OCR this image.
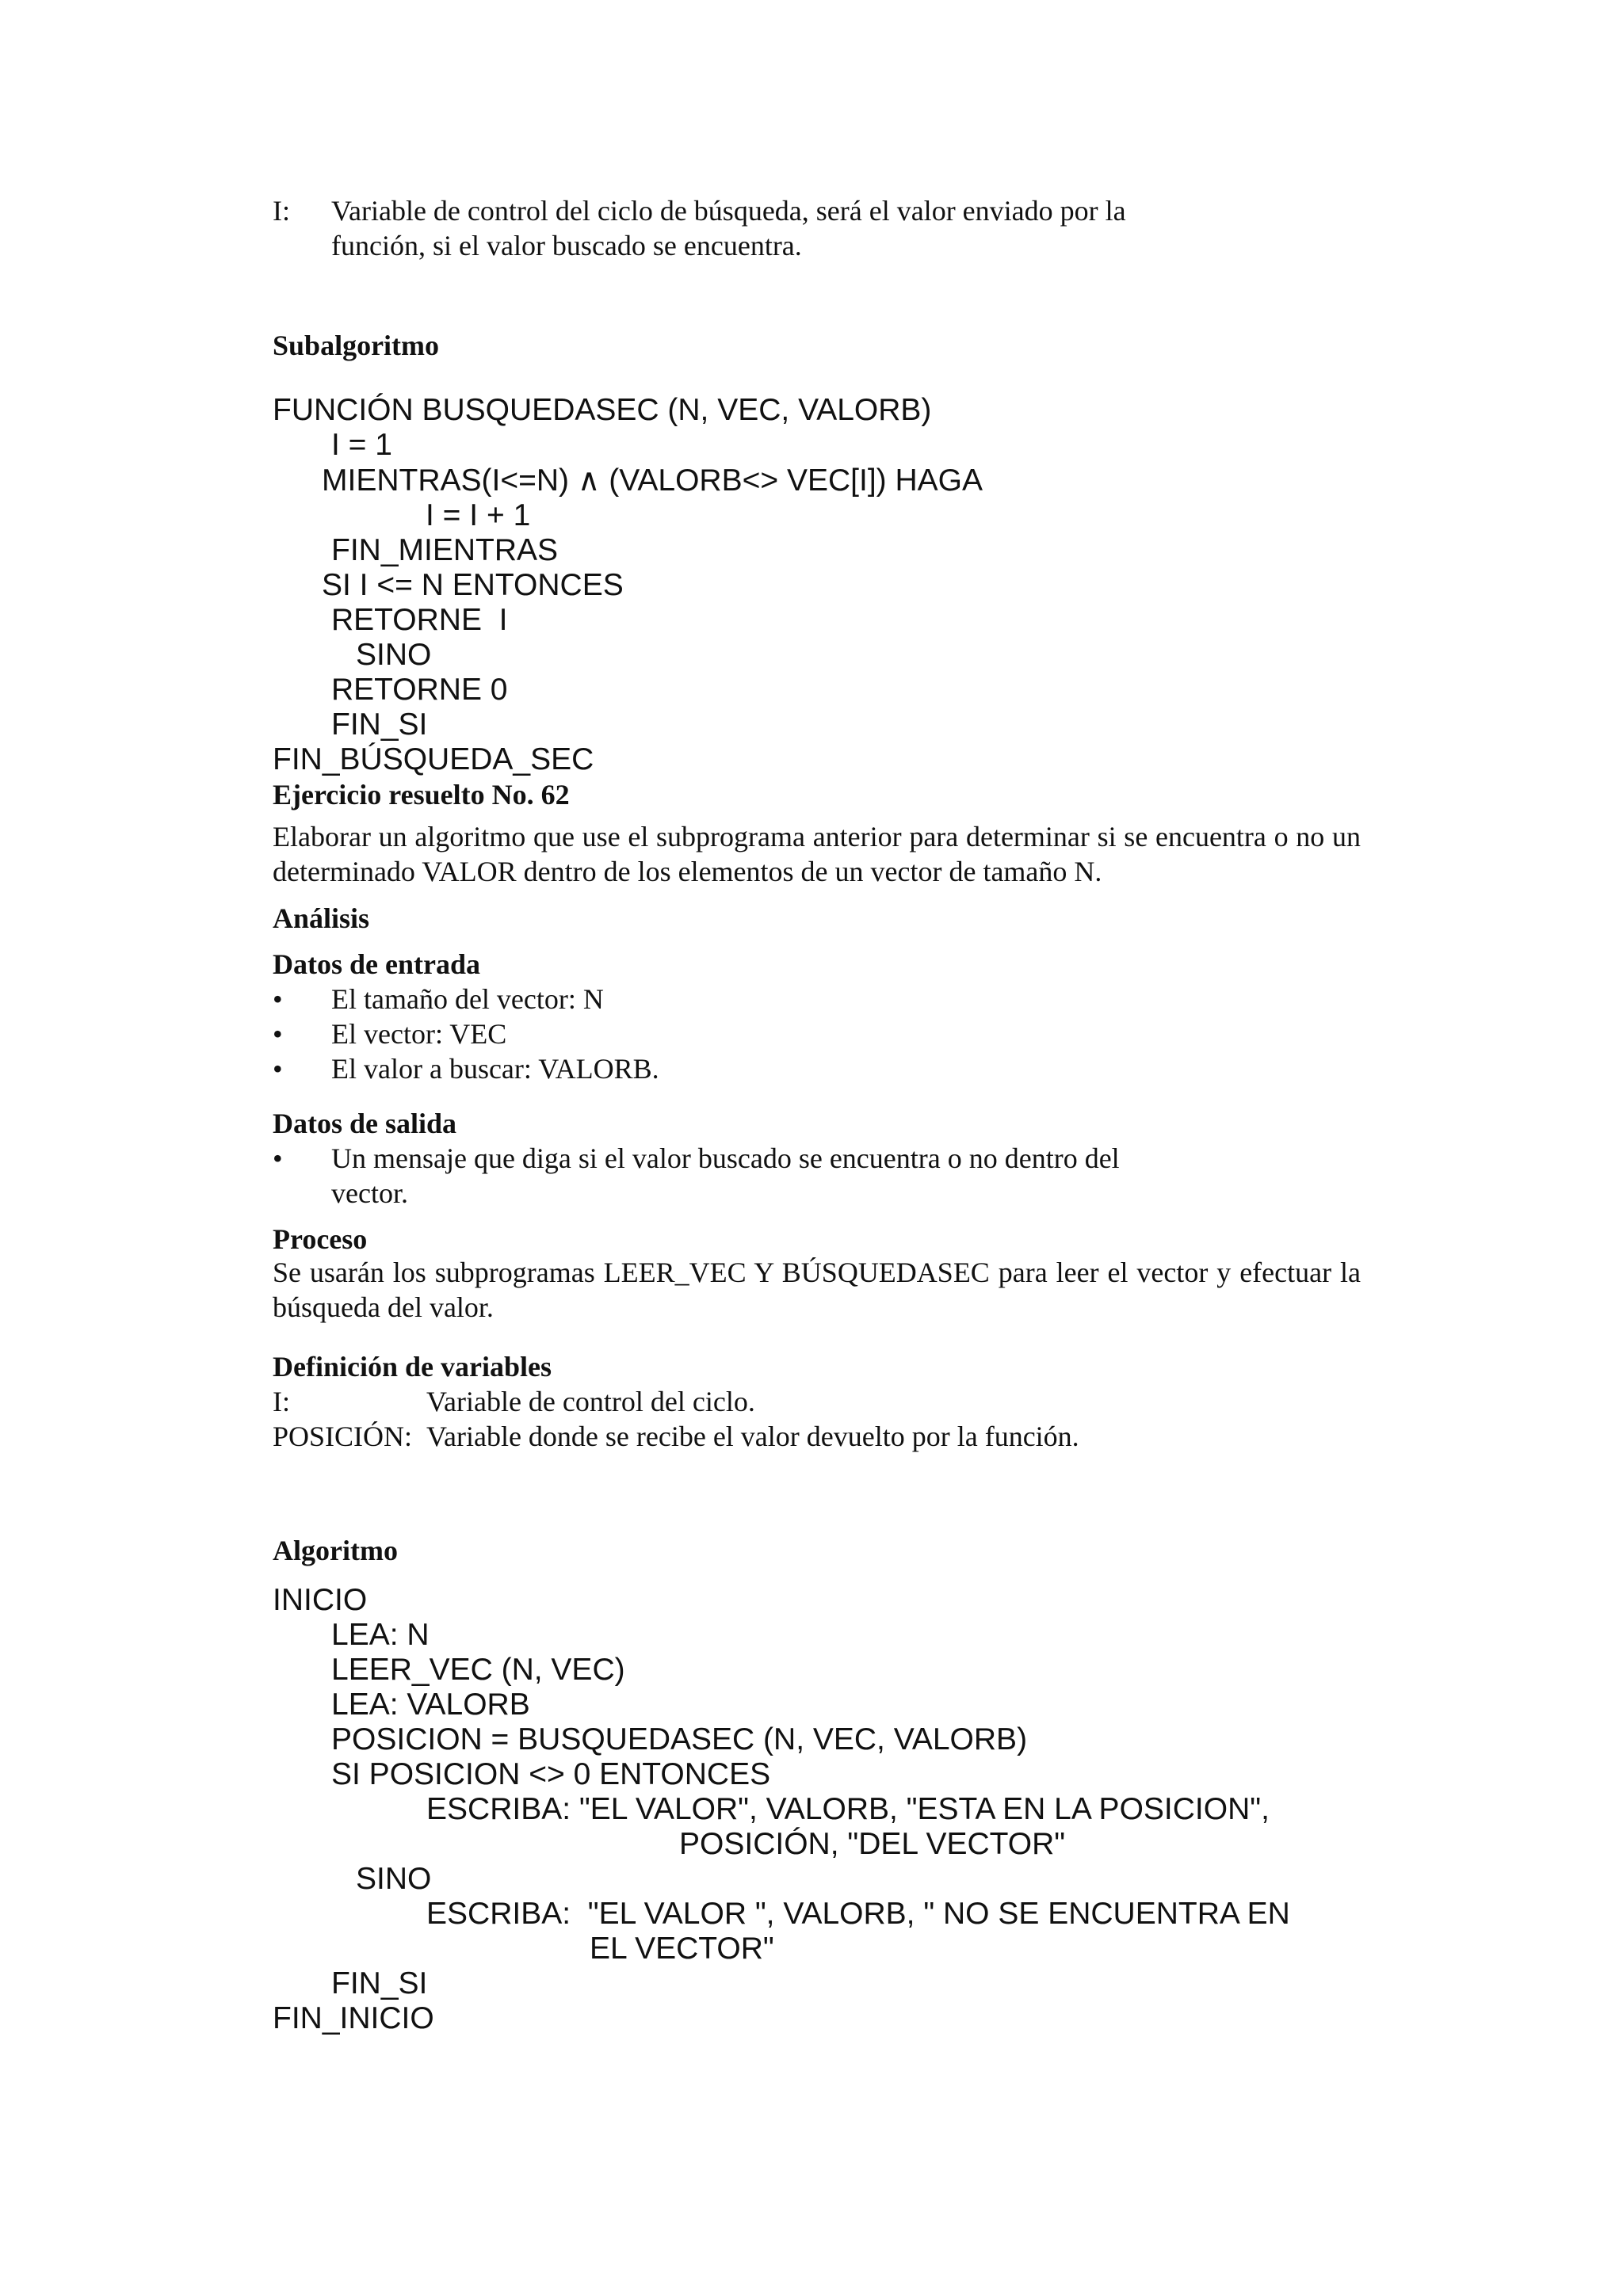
I: Variable de control del ciclo de búsqueda, será el valor enviado por la
función, si el valor buscado se encuentra.
Subalgoritmo
FUNCIÓN BUSQUEDASEC (N, VEC, VALORB)
I = 1
MIENTRAS(I<=N) ∧ (VALORB<> VEC[I]) HAGA
I = I + 1
FIN_MIENTRAS
SI I <= N ENTONCES
RETORNE  I
SINO
RETORNE 0
FIN_SI
FIN_BÚSQUEDA_SEC
Ejercicio resuelto No. 62
Elaborar un algoritmo que use el subprograma anterior para determinar si se encuentra o no un determinado VALOR dentro de los elementos de un vector de tamaño N.
Análisis
Datos de entrada
• El tamaño del vector: N
• El vector: VEC
• El valor a buscar: VALORB.
Datos de salida
• Un mensaje que diga si el valor buscado se encuentra o no dentro del
vector.
Proceso
Se usarán los subprogramas LEER_VEC Y BÚSQUEDASEC para leer el vector y efectuar la búsqueda del valor.
Definición de variables
I:	Variable de control del ciclo.
POSICIÓN: Variable donde se recibe el valor devuelto por la función.
Algoritmo
INICIO
LEA: N
LEER_VEC (N, VEC)
LEA: VALORB
POSICION = BUSQUEDASEC (N, VEC, VALORB)
SI POSICION <> 0 ENTONCES
ESCRIBA: "EL VALOR", VALORB, "ESTA EN LA POSICION",
POSICIÓN, "DEL VECTOR"
SINO
ESCRIBA:  "EL VALOR ", VALORB, " NO SE ENCUENTRA EN
EL VECTOR"
FIN_SI
FIN_INICIO
